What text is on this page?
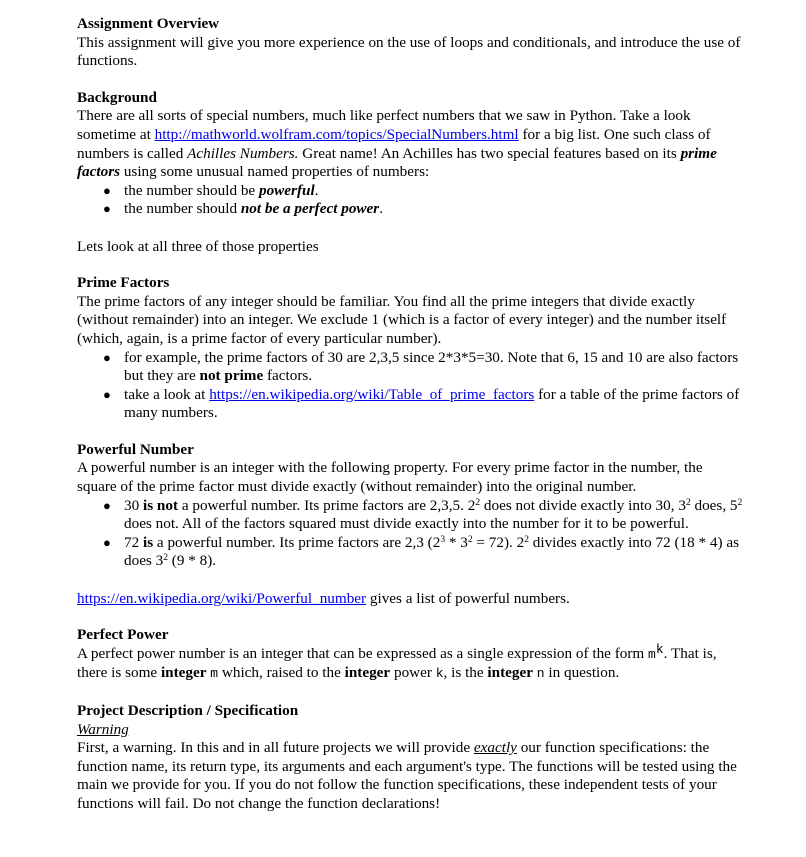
Assignment Overview

This assignment will give you more experience on the use of loops and conditionals, and introduce the use of functions.

Background

There are all sorts of special numbers, much like perfect numbers that we saw in Python. Take a look sometime at http://mathworld.wolfram.com/topics/SpecialNumbers.html for a big list. One such class of numbers is called Achilles Numbers. Great name! An Achilles has two special features based on its prime factors using some unusual named properties of numbers:

● the number should be powerful.
● the number should not be a perfect power.

Lets look at all three of those properties

Prime Factors

The prime factors of any integer should be familiar. You find all the prime integers that divide exactly (without remainder) into an integer. We exclude 1 (which is a factor of every integer) and the number itself (which, again, is a prime factor of every particular number).

● for example, the prime factors of 30 are 2,3,5 since 2*3*5=30. Note that 6, 15 and 10 are also factors but they are not prime factors.
● take a look at https://en.wikipedia.org/wiki/Table_of_prime_factors for a table of the prime factors of many numbers.
Powerful Number

A powerful number is an integer with the following property. For every prime factor in the number, the square of the prime factor must divide exactly (without remainder) into the original number.

● 30 is not a powerful number. Its prime factors are 2,3,5. $2^2$ does not divide exactly into 30, $3^2$ does, $5^2$ does not. All of the factors squared must divide exactly into the number for it to be powerful.
● 72 is a powerful number. Its prime factors are 2,3 $(2^3 * 3^2 = 72)$. $2^2$ divides exactly into 72 (18 * 4) as does $3^2$ (9 * 8).

https://en.wikipedia.org/wiki/Powerful_number gives a list of powerful numbers.

Perfect Power

A perfect power number is an integer that can be expressed as a single expression of the form $m^k$. That is, there is some integer m which, raised to the integer power k, is the integer n in question.

Project Description / Specification

Warning

First, a warning. In this and in all future projects we will provide exactly our function specifications: the function name, its return type, its arguments and each argument's type. The functions will be tested using the main we provide for you. If you do not follow the function specifications, these independent tests of your functions will fail. Do not change the function declarations!
